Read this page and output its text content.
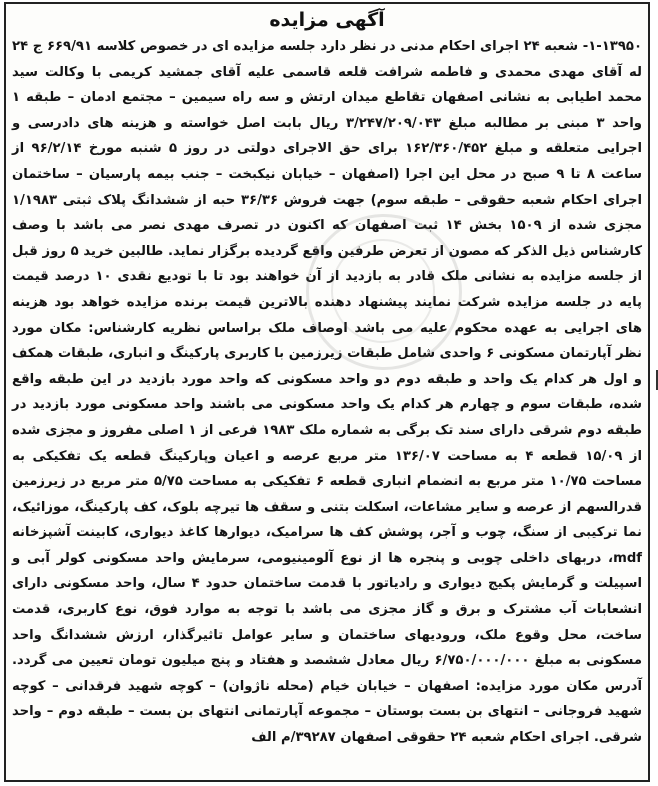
آگهی مزایده

۱-۱۳۹۵۰- شعبه ۲۴ اجرای احکام مدنی در نظر دارد جلسه مزایده ای در خصوص کلاسه ۶۶۹/۹۱ ج ۲۴ له آقای مهدی محمدی و فاطمه شرافت قلعه قاسمی علیه آقای جمشید کریمی با وکالت سید محمد اطیابی به نشانی اصفهان تقاطع میدان ارتش و سه راه سیمین – مجتمع ادمان – طبقه ۱ واحد ۳ مبنی بر مطالبه مبلغ ۳/۲۴۷/۲۰۹/۰۴۳ ریال بابت اصل خواسته و هزینه های دادرسی و اجرایی متعلقه و مبلغ ۱۶۲/۳۶۰/۴۵۲ برای حق الاجرای دولتی در روز ۵ شنبه مورخ ۹۶/۲/۱۴ از ساعت ۸ تا ۹ صبح در محل این اجرا (اصفهان – خیابان نیکبخت – جنب بیمه پارسیان – ساختمان اجرای احکام شعبه حقوقی – طبقه سوم) جهت فروش ۳۶/۳۶ حبه از ششدانگ پلاک ثبتی ۱/۱۹۸۳ مجزی شده از ۱۵۰۹ بخش ۱۴ ثبت اصفهان که اکنون در تصرف مهدی نصر می باشد با وصف کارشناس ذیل الذکر که مصون از تعرض طرفین واقع گردیده برگزار نماید. طالبین خرید ۵ روز قبل از جلسه مزایده به نشانی ملک قادر به بازدید از آن خواهند بود تا با تودیع نقدی ۱۰ درصد قیمت پایه در جلسه مزایده شرکت نمایند پیشنهاد دهنده بالاترین قیمت برنده مزایده خواهد بود هزینه های اجرایی به عهده محکوم علیه می باشد اوصاف ملک براساس نظریه کارشناس: مکان مورد نظر آپارتمان مسکونی ۶ واحدی شامل طبقات زیرزمین با کاربری پارکینگ و انباری، طبقات همکف و اول هر کدام یک واحد و طبقه دوم دو واحد مسکونی که واحد مورد بازدید در این طبقه واقع شده، طبقات سوم و چهارم هر کدام یک واحد مسکونی می باشند واحد مسکونی مورد بازدید در طبقه دوم شرقی دارای سند تک برگی به شماره ملک ۱۹۸۳ فرعی از ۱ اصلی مفروز و مجزی شده از ۱۵/۰۹ قطعه ۴ به مساحت ۱۳۶/۰۷ متر مربع عرصه و اعیان وپارکینگ قطعه یک تفکیکی به مساحت ۱۰/۷۵ متر مربع به انضمام انباری قطعه ۶ تفکیکی به مساحت ۵/۷۵ متر مربع در زیرزمین قدرالسهم از عرصه و سایر مشاعات، اسکلت بتنی و سقف ها تیرچه بلوک، کف پارکینگ، موزائیک، نما ترکیبی از سنگ، چوب و آجر، پوشش کف ها سرامیک، دیوارها کاغذ دیواری، کابینت آشپزخانه mdf، دربهای داخلی چوبی و پنجره ها از نوع آلومینیومی، سرمایش واحد مسکونی کولر آبی و اسپیلت و گرمایش پکیج دیواری و رادیاتور با قدمت ساختمان حدود ۴ سال، واحد مسکونی دارای انشعابات آب مشترک و برق و گاز مجزی می باشد با توجه به موارد فوق، نوع کاربری، قدمت ساخت، محل وقوع ملک، ورودیهای ساختمان و سایر عوامل تاثیرگذار، ارزش ششدانگ واحد مسکونی به مبلغ ۶/۷۵۰/۰۰۰/۰۰۰ ریال معادل ششصد و هفتاد و پنج میلیون تومان تعیین می گردد. آدرس مکان مورد مزایده: اصفهان – خیابان خیام (محله ناژوان) – کوچه شهید فرقدانی – کوچه شهید فروجانی – انتهای بن بست بوستان – مجموعه آپارتمانی انتهای بن بست – طبقه دوم – واحد شرقی. اجرای احکام شعبه ۲۴ حقوقی اصفهان ۳۹۲۸۷/م الف
